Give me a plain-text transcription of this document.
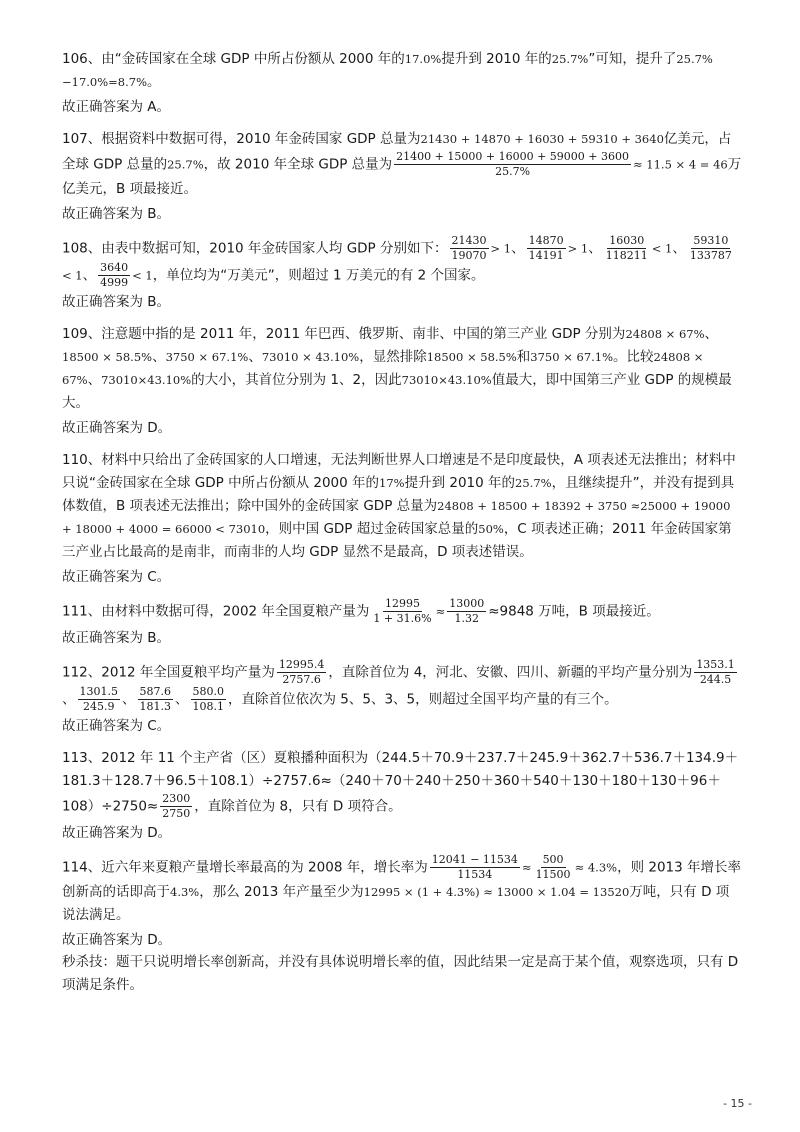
106、由“金砖国家在全球 GDP 中所占份额从 2000 年的17.0%提升到 2010 年的25.7%”可知，提升了25.7%−17.0%=8.7%。

故正确答案为 A。

107、根据资料中数据可得，2010 年金砖国家 GDP 总量为21430 + 14870 + 16030 + 59310 + 3640亿美元，占全球 GDP 总量的25.7%，故 2010 年全球 GDP 总量为 $\frac{21400 + 15000 + 16000 + 59000 + 3600}{25.7\%} \approx 11.5 \times 4 = 46$万亿美元，B 项最接近。

故正确答案为 B。

108、由表中数据可知，2010 年金砖国家人均 GDP 分别如下： $\frac{21430}{19070} > 1$、 $\frac{14870}{14191} > 1$、 $\frac{16030}{118211} < 1$、 $\frac{59310}{133787}$
< 1、 $\frac{3640}{4999} < 1$，单位均为“万美元”，则超过 1 万美元的有 2 个国家。

故正确答案为 B。

109、注意题中指的是 2011 年，2011 年巴西、俄罗斯、南非、中国的第三产业 GDP 分别为24808 × 67%、18500 × 58.5%、3750 × 67.1%、73010 × 43.10%，显然排除18500 × 58.5%和3750 × 67.1%。比较24808 × 67%、73010×43.10%的大小，其首位分别为 1、2，因此73010×43.10%值最大，即中国第三产业 GDP 的规模最大。

故正确答案为 D。

110、材料中只给出了金砖国家的人口增速，无法判断世界人口增速是不是印度最快，A 项表述无法推出；材料中只说“金砖国家在全球 GDP 中所占份额从 2000 年的17%提升到 2010 年的25.7%，且继续提升”，并没有提到具体数值，B 项表述无法推出；除中国外的金砖国家 GDP 总量为24808 + 18500 + 18392 + 3750 ≈25000 + 19000 + 18000 + 4000 = 66000 < 73010，则中国 GDP 超过金砖国家总量的50%，C 项表述正确；2011 年金砖国家第三产业占比最高的是南非，而南非的人均 GDP 显然不是最高，D 项表述错误。

故正确答案为 C。

111、由材料中数据可得，2002 年全国夏粮产量为 $\frac{12995}{1 + 31.6\%} \approx \frac{13000}{1.32} \approx 9848$ 万吨，B 项最接近。

故正确答案为 B。

112、2012 年全国夏粮平均产量为 $\frac{12995.4}{2757.6}$ ，直除首位为 4，河北、安徽、四川、新疆的平均产量分别为 $\frac{1353.1}{244.5}$
、 $\frac{1301.5}{245.9}$ 、 $\frac{587.6}{181.3}$ 、 $\frac{580.0}{108.1}$ ，直除首位依次为 5、5、3、5，则超过全国平均产量的有三个。

故正确答案为 C。

113、2012 年 11 个主产省（区）夏粮播种面积为（244.5＋70.9＋237.7＋245.9＋362.7＋536.7＋134.9＋181.3＋128.7＋96.5＋108.1）÷2757.6≈（240＋70＋240＋250＋360＋540＋130＋180＋130＋96＋108）÷275$0\approx \frac{2300}{2750}$ ，直除首位为 8，只有 D 项符合。

故正确答案为 D。

114、近六年来夏粮产量增长率最高的为 2008 年，增长率为 $\frac{12041 - 11534}{11534} \approx \frac{500}{11500} \approx 4.3\%$，则 2013 年增长率创新高的话即高于4.3%，那么 2013 年产量至少为12995 × (1 + 4.3%) ≈ 13000 × 1.04 = 13520万吨，只有 D 项说法满足。

故正确答案为 D。

秒杀技：题干只说明增长率创新高，并没有具体说明增长率的值，因此结果一定是高于某个值，观察选项，只有 D 项满足条件。

- 15 -
